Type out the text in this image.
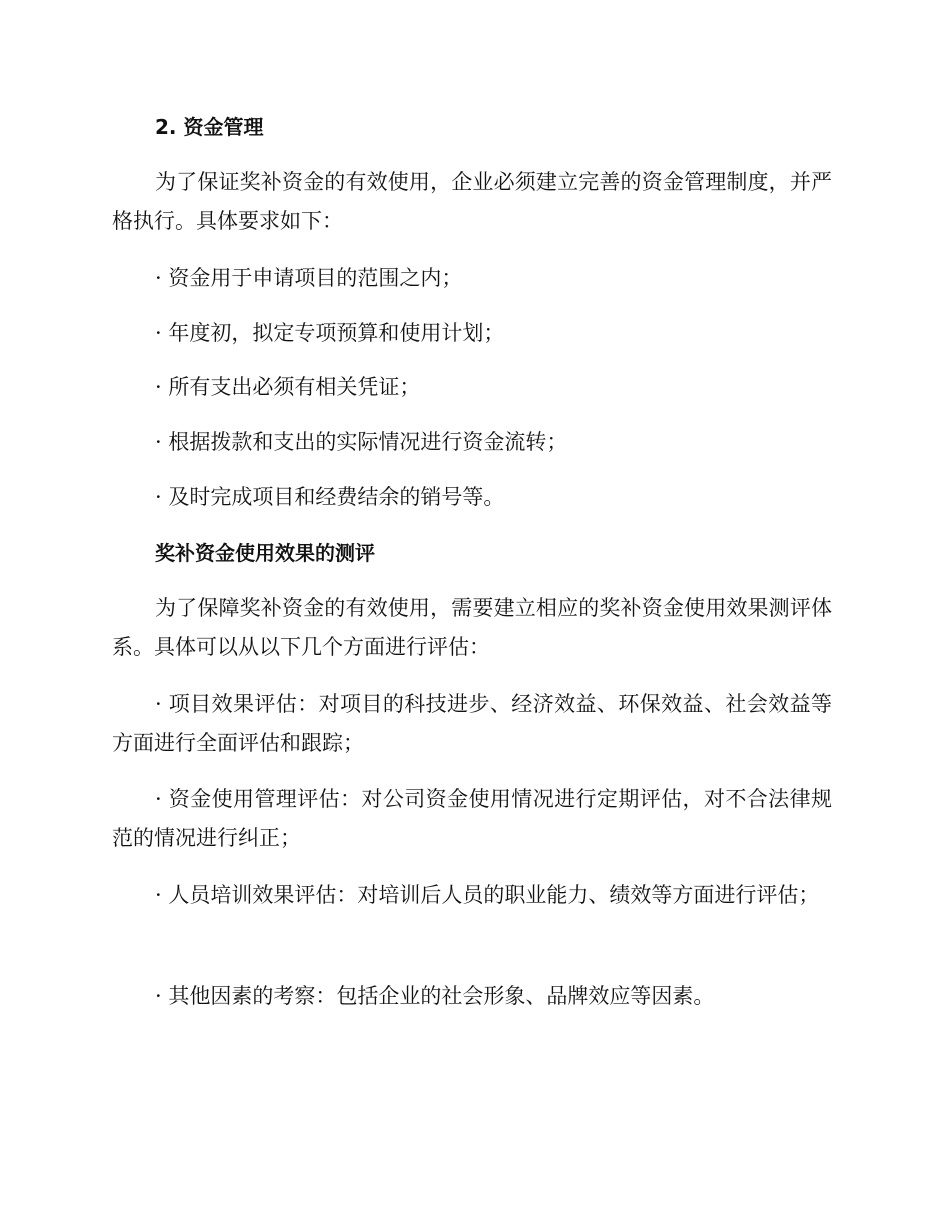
2. 资金管理
为了保证奖补资金的有效使用，企业必须建立完善的资金管理制度，并严格执行。具体要求如下：
· 资金用于申请项目的范围之内；
· 年度初，拟定专项预算和使用计划；
· 所有支出必须有相关凭证；
· 根据拨款和支出的实际情况进行资金流转；
· 及时完成项目和经费结余的销号等。
奖补资金使用效果的测评
为了保障奖补资金的有效使用，需要建立相应的奖补资金使用效果测评体系。具体可以从以下几个方面进行评估：
· 项目效果评估：对项目的科技进步、经济效益、环保效益、社会效益等方面进行全面评估和跟踪；
· 资金使用管理评估：对公司资金使用情况进行定期评估，对不合法律规范的情况进行纠正；
· 人员培训效果评估：对培训后人员的职业能力、绩效等方面进行评估；
· 其他因素的考察：包括企业的社会形象、品牌效应等因素。
